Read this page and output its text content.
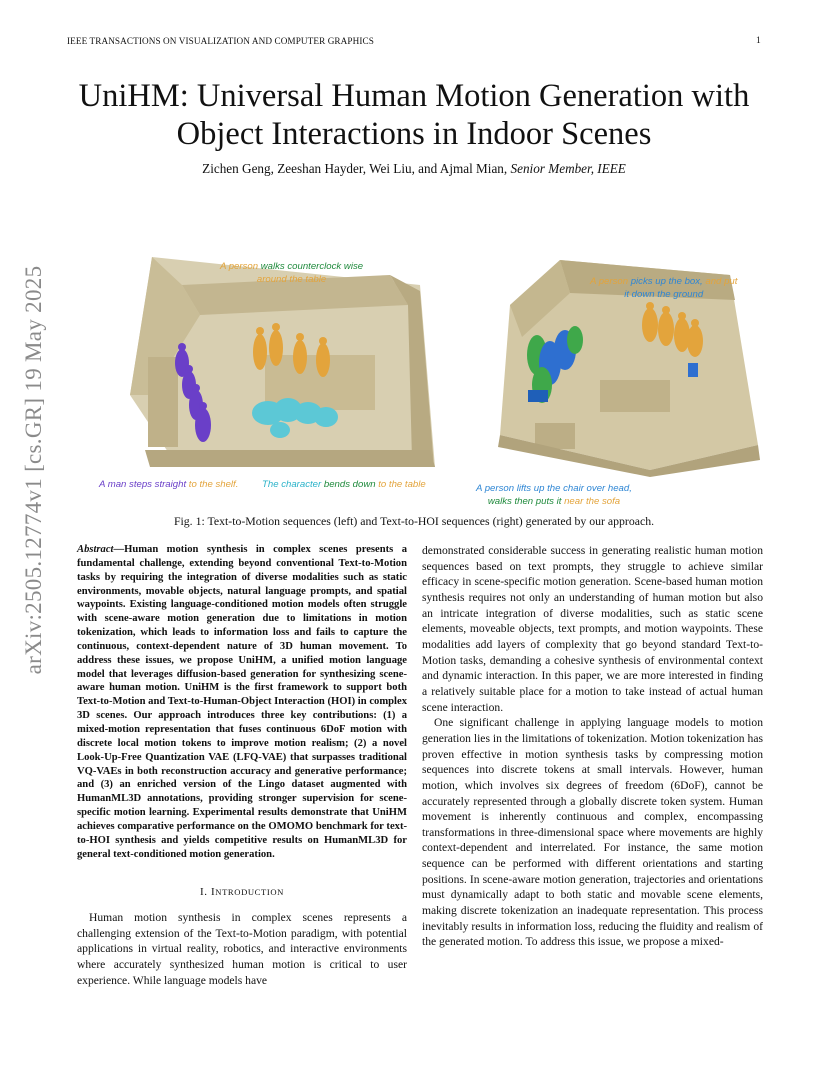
IEEE TRANSACTIONS ON VISUALIZATION AND COMPUTER GRAPHICS	1
arXiv:2505.12774v1 [cs.GR] 19 May 2025
UniHM: Universal Human Motion Generation with Object Interactions in Indoor Scenes
Zichen Geng, Zeeshan Hayder, Wei Liu, and Ajmal Mian, Senior Member, IEEE
A person walks counterclock wise
around the table
A man steps straight to the shelf. The character bends down to the table
A person picks up the box, and put
it down the ground
A person lifts up the chair over head,
walks then puts it near the sofa
Fig. 1: Text-to-Motion sequences (left) and Text-to-HOI sequences (right) generated by our approach.

Abstract—Human motion synthesis in complex scenes presents a fundamental challenge, extending beyond conventional Text-to-Motion tasks by requiring the integration of diverse modalities such as static environments, movable objects, natural language prompts, and spatial waypoints. Existing language-conditioned motion models often struggle with scene-aware motion generation due to limitations in motion tokenization, which leads to information loss and fails to capture the continuous, context-dependent nature of 3D human movement. To address these issues, we propose UniHM, a unified motion language model that leverages diffusion-based generation for synthesizing scene-aware human motion. UniHM is the first framework to support both Text-to-Motion and Text-to-Human-Object Interaction (HOI) in complex 3D scenes. Our approach introduces three key contributions: (1) a mixed-motion representation that fuses continuous 6DoF motion with discrete local motion tokens to improve motion realism; (2) a novel Look-Up-Free Quantization VAE (LFQ-VAE) that surpasses traditional VQ-VAEs in both reconstruction accuracy and generative performance; and (3) an enriched version of the Lingo dataset augmented with HumanML3D annotations, providing stronger supervision for scene-specific motion learning. Experimental results demonstrate that UniHM achieves comparative performance on the OMOMO benchmark for text-to-HOI synthesis and yields competitive results on HumanML3D for general text-conditioned motion generation.

I. INTRODUCTION

Human motion synthesis in complex scenes represents a challenging extension of the Text-to-Motion paradigm, with potential applications in virtual reality, robotics, and interactive environments where accurately synthesized human motion is critical to user experience. While language models have

demonstrated considerable success in generating realistic human motion sequences based on text prompts, they struggle to achieve similar efficacy in scene-specific motion generation. Scene-based human motion synthesis requires not only an understanding of human motion but also an intricate integration of diverse modalities, such as static scene elements, moveable objects, text prompts, and motion waypoints. These modalities add layers of complexity that go beyond standard Text-to-Motion tasks, demanding a cohesive synthesis of environmental context and dynamic interaction. In this paper, we are more interested in finding a relatively suitable place for a motion to take instead of actual human scene interaction.

One significant challenge in applying language models to motion generation lies in the limitations of tokenization. Motion tokenization has proven effective in motion synthesis tasks by compressing motion sequences into discrete tokens at small intervals. However, human motion, which involves six degrees of freedom (6DoF), cannot be accurately represented through a globally discrete token system. Human movement is inherently continuous and complex, encompassing transformations in three-dimensional space where movements are highly context-dependent and interrelated. For instance, the same motion sequence can be performed with different orientations and starting positions. In scene-aware motion generation, trajectories and orientations must dynamically adapt to both static and movable scene elements, making discrete tokenization an inadequate representation. This process inevitably results in information loss, reducing the fluidity and realism of the generated motion. To address this issue, we propose a mixed-
